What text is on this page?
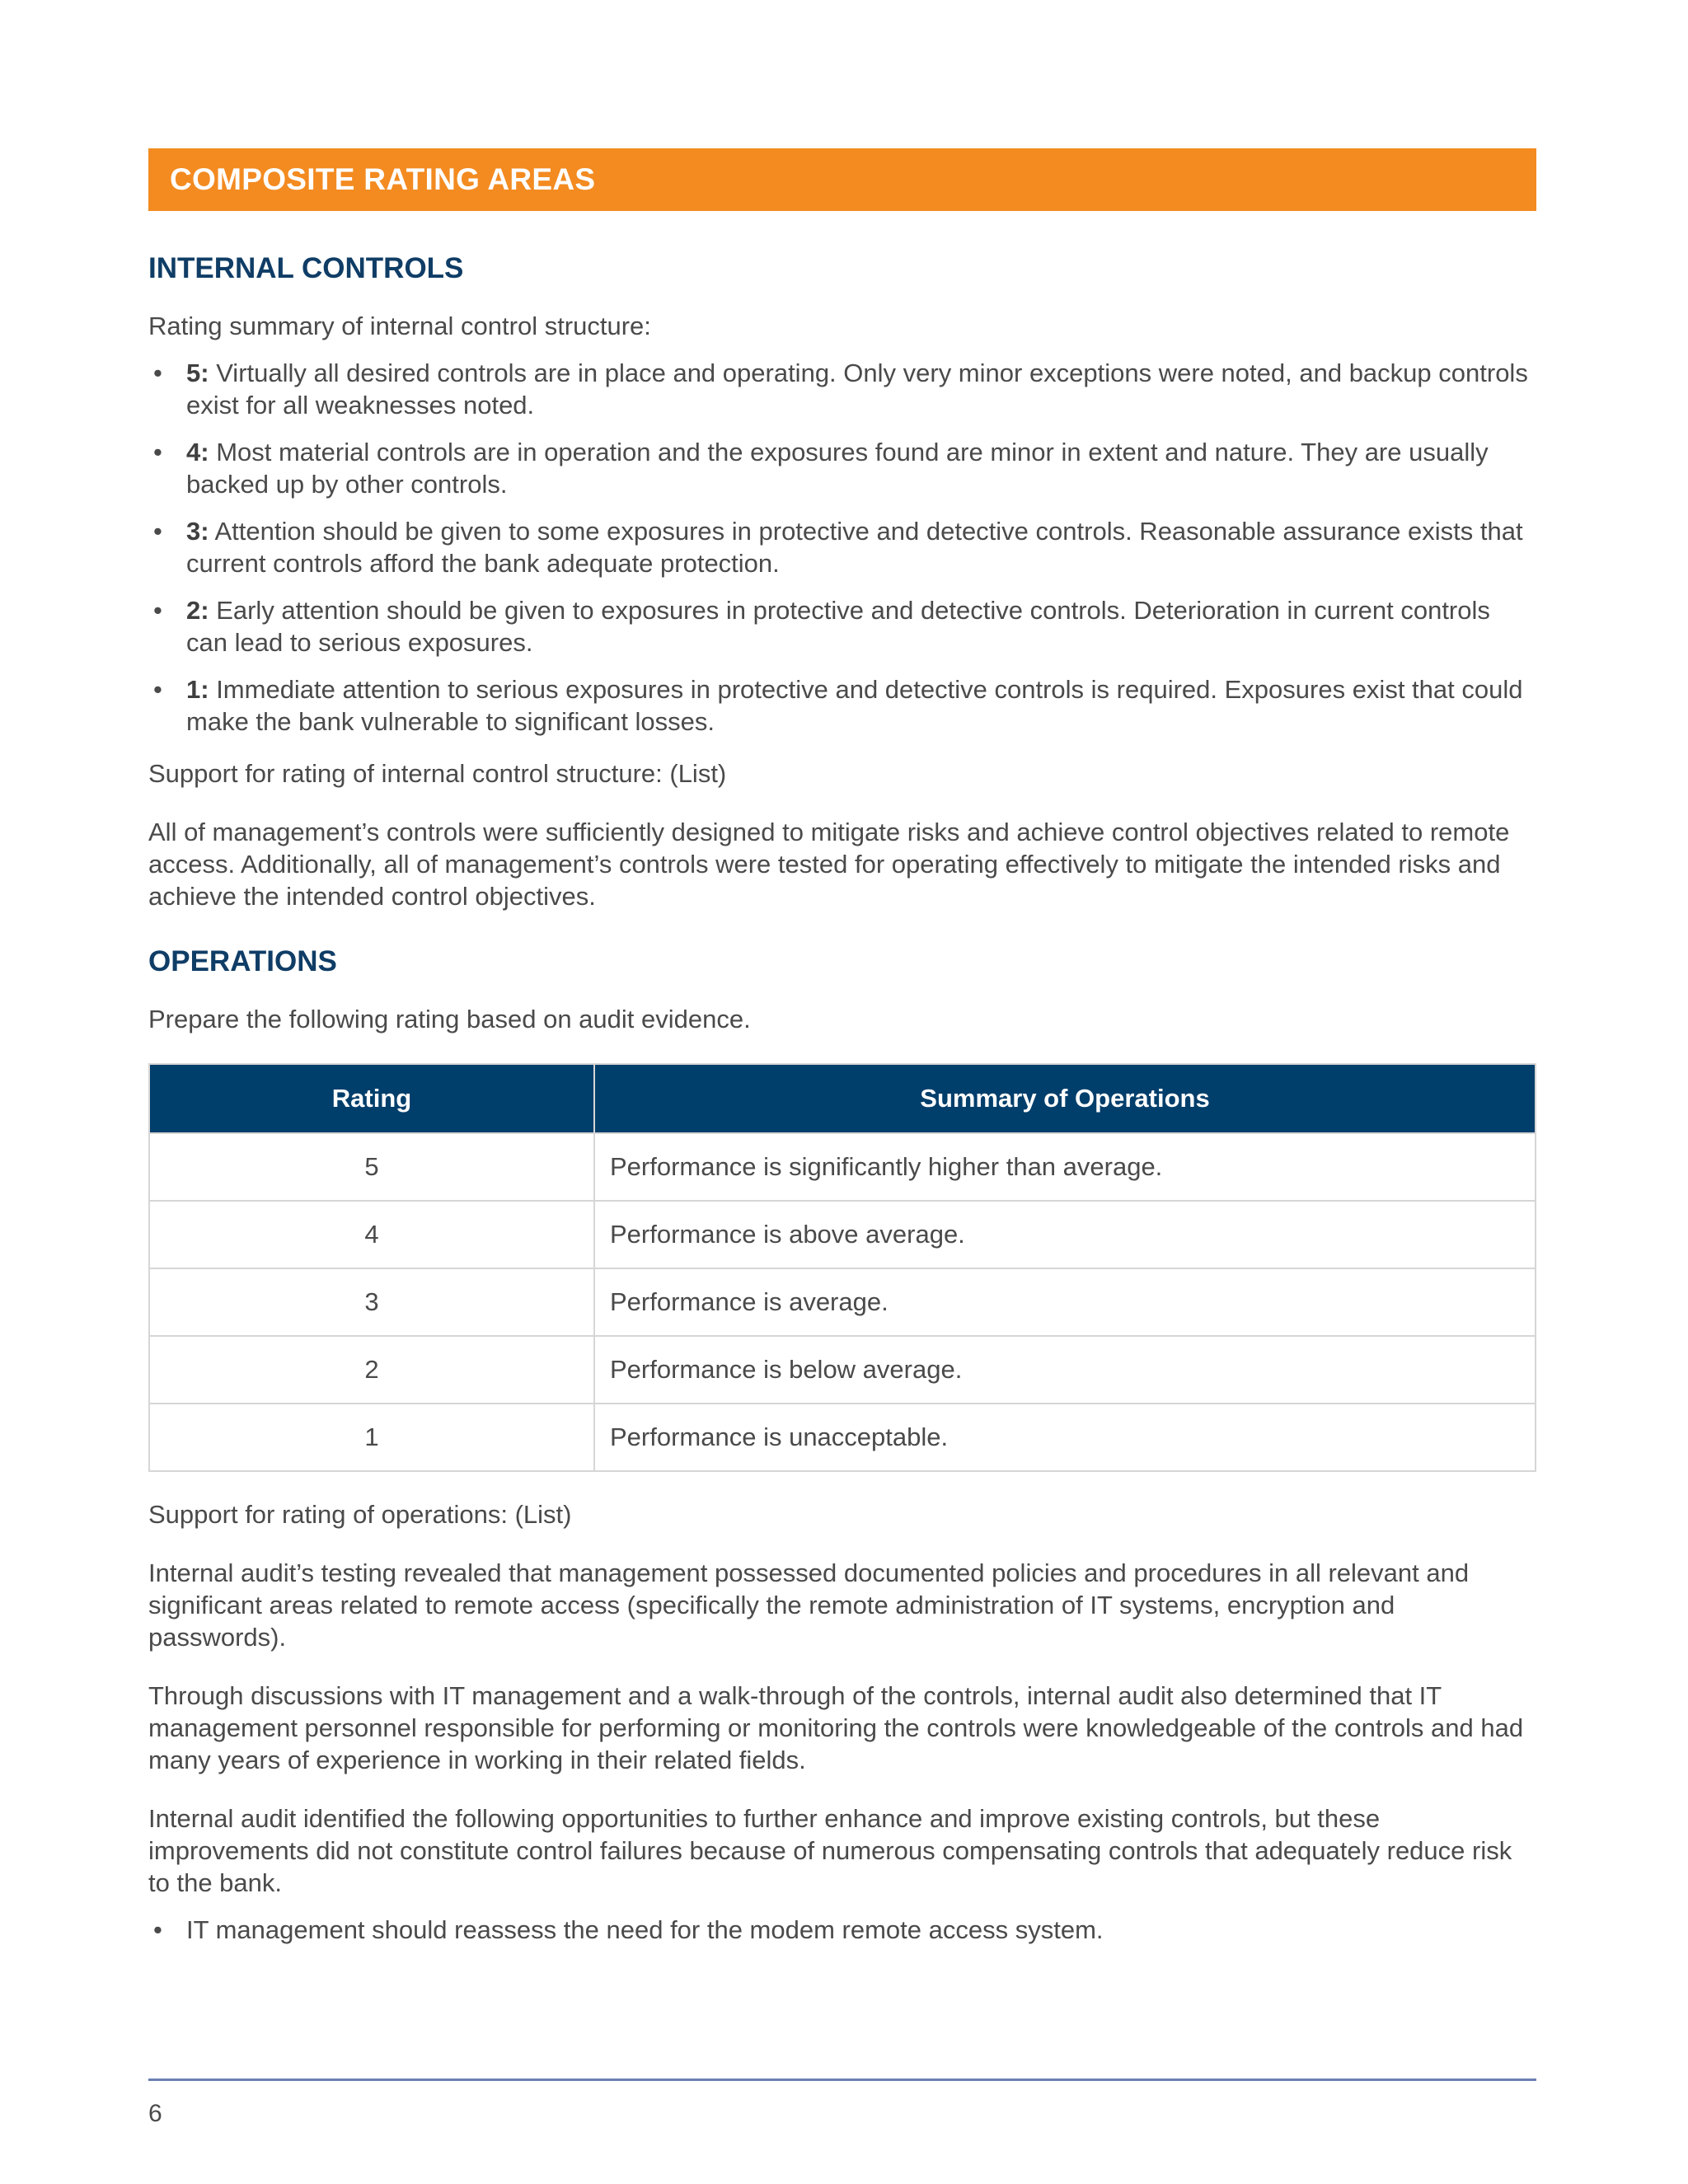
COMPOSITE RATING AREAS
INTERNAL CONTROLS

Rating summary of internal control structure:

• 5: Virtually all desired controls are in place and operating. Only very minor exceptions were noted, and backup controls exist for all weaknesses noted.
• 4: Most material controls are in operation and the exposures found are minor in extent and nature. They are usually backed up by other controls.
• 3: Attention should be given to some exposures in protective and detective controls. Reasonable assurance exists that current controls afford the bank adequate protection.
• 2: Early attention should be given to exposures in protective and detective controls. Deterioration in current controls can lead to serious exposures.
• 1: Immediate attention to serious exposures in protective and detective controls is required. Exposures exist that could make the bank vulnerable to significant losses.

Support for rating of internal control structure: (List)

All of management’s controls were sufficiently designed to mitigate risks and achieve control objectives related to remote access. Additionally, all of management’s controls were tested for operating effectively to mitigate the intended risks and achieve the intended control objectives.

OPERATIONS

Prepare the following rating based on audit evidence.

Rating	Summary of Operations
5	Performance is significantly higher than average.
4	Performance is above average.
3	Performance is average.
2	Performance is below average.
1	Performance is unacceptable.

Support for rating of operations: (List)

Internal audit’s testing revealed that management possessed documented policies and procedures in all relevant and significant areas related to remote access (specifically the remote administration of IT systems, encryption and passwords).

Through discussions with IT management and a walk-through of the controls, internal audit also determined that IT management personnel responsible for performing or monitoring the controls were knowledgeable of the controls and had many years of experience in working in their related fields.

Internal audit identified the following opportunities to further enhance and improve existing controls, but these improvements did not constitute control failures because of numerous compensating controls that adequately reduce risk to the bank.

• IT management should reassess the need for the modem remote access system.
6
